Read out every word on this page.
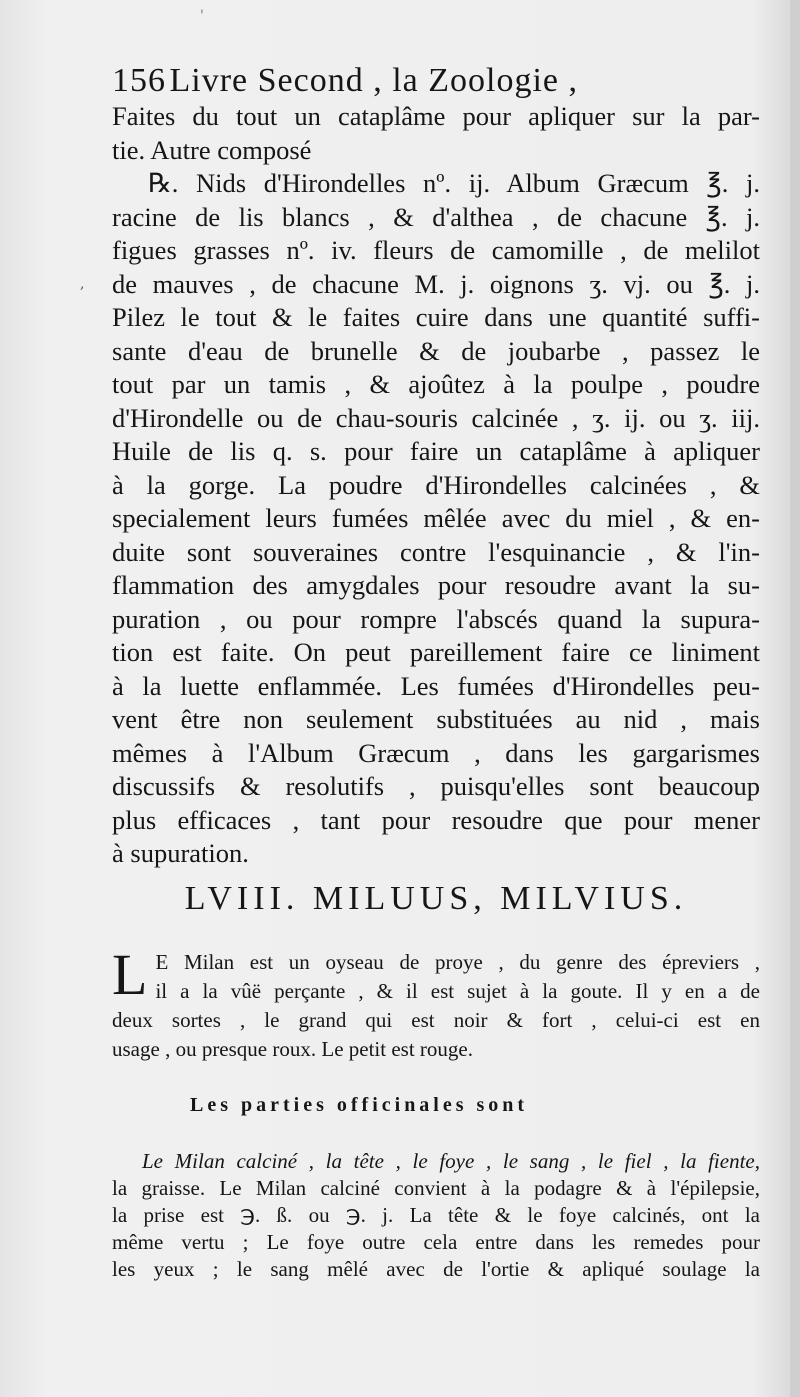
'
,
156 Livre Second , la Zoologie ,
Faites du tout un cataplâme pour apliquer sur la par-
tie. Autre composé
℞. Nids d'Hirondelles nº. ij. Album Græcum ℥. j.
racine de lis blancs , & d'althea , de chacune ℥. j.
figues grasses nº. iv. fleurs de camomille , de melilot
de mauves , de chacune M. j. oignons ʒ. vj. ou ℥. j.
Pilez le tout & le faites cuire dans une quantité suffi-
sante d'eau de brunelle & de joubarbe , passez le
tout par un tamis , & ajoûtez à la poulpe , poudre
d'Hirondelle ou de chau-souris calcinée , ʒ. ij. ou ʒ. iij.
Huile de lis q. s. pour faire un cataplâme à apliquer
à la gorge. La poudre d'Hirondelles calcinées , &
specialement leurs fumées mêlée avec du miel , & en-
duite sont souveraines contre l'esquinancie , & l'in-
flammation des amygdales pour resoudre avant la su-
puration , ou pour rompre l'abscés quand la supura-
tion est faite. On peut pareillement faire ce liniment
à la luette enflammée. Les fumées d'Hirondelles peu-
vent être non seulement substituées au nid , mais
mêmes à l'Album Græcum , dans les gargarismes
discussifs & resolutifs , puisqu'elles sont beaucoup
plus efficaces , tant pour resoudre que pour mener
à supuration.
LVIII. MILUUS, MILVIUS.
L E Milan est un oyseau de proye , du genre des épreviers ,
il a la vûë perçante , & il est sujet à la goute. Il y en a de
deux sortes , le grand qui est noir & fort , celui-ci est en
usage , ou presque roux. Le petit est rouge.
Les parties officinales sont
Le Milan calciné , la tête , le foye , le sang , le fiel , la fiente,
la graisse. Le Milan calciné convient à la podagre & à l'épilepsie,
la prise est ℈. ß. ou ℈. j. La tête & le foye calcinés, ont la
même vertu ; Le foye outre cela entre dans les remedes pour
les yeux ; le sang mêlé avec de l'ortie & apliqué soulage la
